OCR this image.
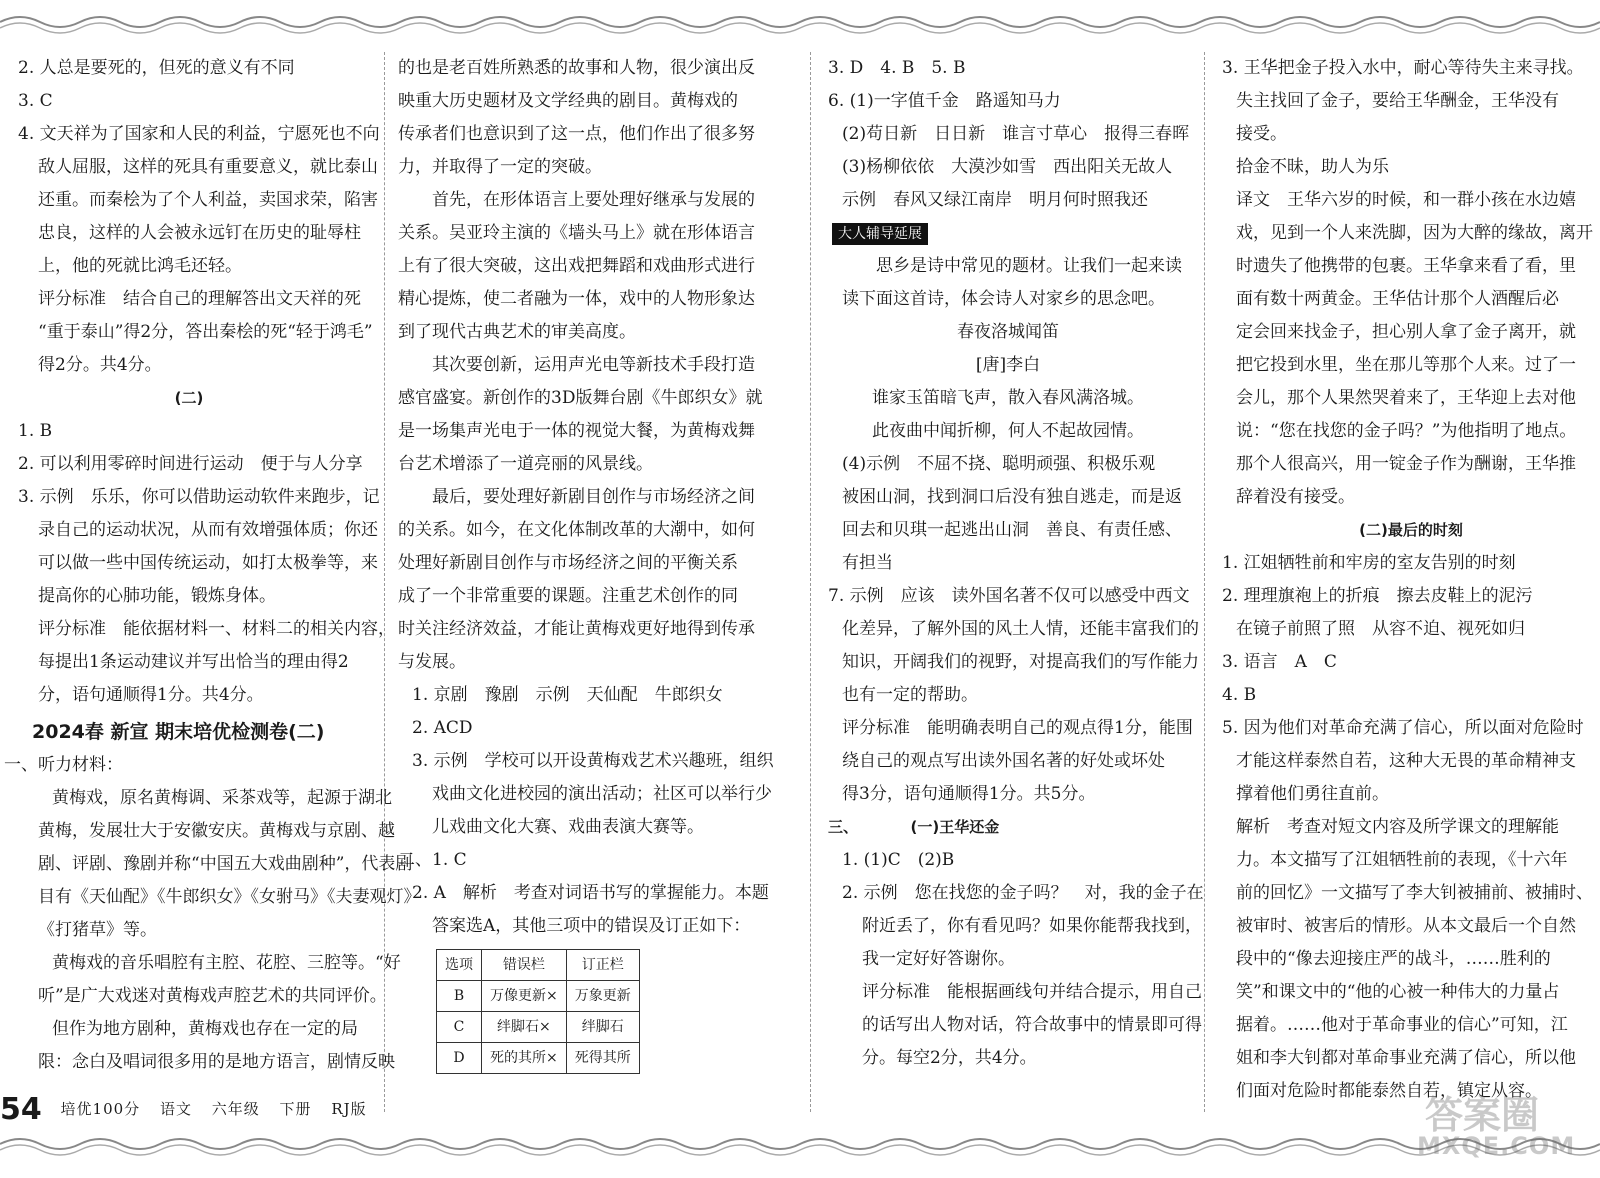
2. 人总是要死的，但死的意义有不同

3. C

4. 文天祥为了国家和人民的利益，宁愿死也不向

敌人屈服，这样的死具有重要意义，就比泰山

还重。而秦桧为了个人利益，卖国求荣，陷害

忠良，这样的人会被永远钉在历史的耻辱柱

上，他的死就比鸿毛还轻。

评分标准　结合自己的理解答出文天祥的死

“重于泰山”得2分，答出秦桧的死“轻于鸿毛”

得2分。共4分。

(二)

1. B

2. 可以利用零碎时间进行运动　便于与人分享

3. 示例　乐乐，你可以借助运动软件来跑步，记

录自己的运动状况，从而有效增强体质；你还

可以做一些中国传统运动，如打太极拳等，来

提高你的心肺功能，锻炼身体。

评分标准　能依据材料一、材料二的相关内容，

每提出1条运动建议并写出恰当的理由得2

分，语句通顺得1分。共4分。

2024春 新宣 期末培优检测卷(二)

一、听力材料：

黄梅戏，原名黄梅调、采茶戏等，起源于湖北

黄梅，发展壮大于安徽安庆。黄梅戏与京剧、越

剧、评剧、豫剧并称“中国五大戏曲剧种”，代表剧

目有《天仙配》《牛郎织女》《女驸马》《夫妻观灯》

《打猪草》等。

黄梅戏的音乐唱腔有主腔、花腔、三腔等。“好

听”是广大戏迷对黄梅戏声腔艺术的共同评价。

但作为地方剧种，黄梅戏也存在一定的局

限：念白及唱词很多用的是地方语言，剧情反映

的也是老百姓所熟悉的故事和人物，很少演出反

映重大历史题材及文学经典的剧目。黄梅戏的

传承者们也意识到了这一点，他们作出了很多努

力，并取得了一定的突破。

首先，在形体语言上要处理好继承与发展的

关系。吴亚玲主演的《墙头马上》就在形体语言

上有了很大突破，这出戏把舞蹈和戏曲形式进行

精心提炼，使二者融为一体，戏中的人物形象达

到了现代古典艺术的审美高度。

其次要创新，运用声光电等新技术手段打造

感官盛宴。新创作的3D版舞台剧《牛郎织女》就

是一场集声光电于一体的视觉大餐，为黄梅戏舞

台艺术增添了一道亮丽的风景线。

最后，要处理好新剧目创作与市场经济之间

的关系。如今，在文化体制改革的大潮中，如何

处理好新剧目创作与市场经济之间的平衡关系

成了一个非常重要的课题。注重艺术创作的同

时关注经济效益，才能让黄梅戏更好地得到传承

与发展。

1. 京剧　豫剧　示例　天仙配　牛郎织女

2. ACD

3. 示例　学校可以开设黄梅戏艺术兴趣班，组织

戏曲文化进校园的演出活动；社区可以举行少

儿戏曲文化大赛、戏曲表演大赛等。

二、1. C

2. A　解析　考查对词语书写的掌握能力。本题

答案选A，其他三项中的错误及订正如下：

选项	错误栏	订正栏
B	万像更新×	万象更新
C	绊脚石×	绊脚石
D	死的其所×	死得其所

3. D　4. B　5. B

6. (1)一字值千金　路遥知马力

(2)苟日新　日日新　谁言寸草心　报得三春晖

(3)杨柳依依　大漠沙如雪　西出阳关无故人

示例　春风又绿江南岸　明月何时照我还

大人辅导延展

思乡是诗中常见的题材。让我们一起来读

读下面这首诗，体会诗人对家乡的思念吧。

春夜洛城闻笛

[唐]李白

谁家玉笛暗飞声，散入春风满洛城。

此夜曲中闻折柳，何人不起故园情。

(4)示例　不屈不挠、聪明顽强、积极乐观

被困山洞，找到洞口后没有独自逃走，而是返

回去和贝琪一起逃出山洞　善良、有责任感、

有担当

7. 示例　应该　读外国名著不仅可以感受中西文

化差异，了解外国的风土人情，还能丰富我们的

知识，开阔我们的视野，对提高我们的写作能力

也有一定的帮助。

评分标准　能明确表明自己的观点得1分，能围

绕自己的观点写出读外国名著的好处或坏处

得3分，语句通顺得1分。共5分。

三、　　　　(一)王华还金

1. (1)C　(2)B

2. 示例　您在找您的金子吗？　对，我的金子在

附近丢了，你有看见吗？如果你能帮我找到，

我一定好好答谢你。

评分标准　能根据画线句并结合提示，用自己

的话写出人物对话，符合故事中的情景即可得

分。每空2分，共4分。

3. 王华把金子投入水中，耐心等待失主来寻找。

失主找回了金子，要给王华酬金，王华没有

接受。

拾金不昧，助人为乐

译文　王华六岁的时候，和一群小孩在水边嬉

戏，见到一个人来洗脚，因为大醉的缘故，离开

时遗失了他携带的包裹。王华拿来看了看，里

面有数十两黄金。王华估计那个人酒醒后必

定会回来找金子，担心别人拿了金子离开，就

把它投到水里，坐在那儿等那个人来。过了一

会儿，那个人果然哭着来了，王华迎上去对他

说：“您在找您的金子吗？”为他指明了地点。

那个人很高兴，用一锭金子作为酬谢，王华推

辞着没有接受。

(二)最后的时刻

1. 江姐牺牲前和牢房的室友告别的时刻

2. 理理旗袍上的折痕　擦去皮鞋上的泥污

在镜子前照了照　从容不迫、视死如归

3. 语言　A　C

4. B

5. 因为他们对革命充满了信心，所以面对危险时

才能这样泰然自若，这种大无畏的革命精神支

撑着他们勇往直前。

解析　考查对短文内容及所学课文的理解能

力。本文描写了江姐牺牲前的表现，《十六年

前的回忆》一文描写了李大钊被捕前、被捕时、

被审时、被害后的情形。从本文最后一个自然

段中的“像去迎接庄严的战斗，……胜利的

笑”和课文中的“他的心被一种伟大的力量占

据着。……他对于革命事业的信心”可知，江

姐和李大钊都对革命事业充满了信心，所以他

们面对危险时都能泰然自若，镇定从容。

54 培优100分 语文 六年级 下册 RJ版	答案圈
MXQE.COM
